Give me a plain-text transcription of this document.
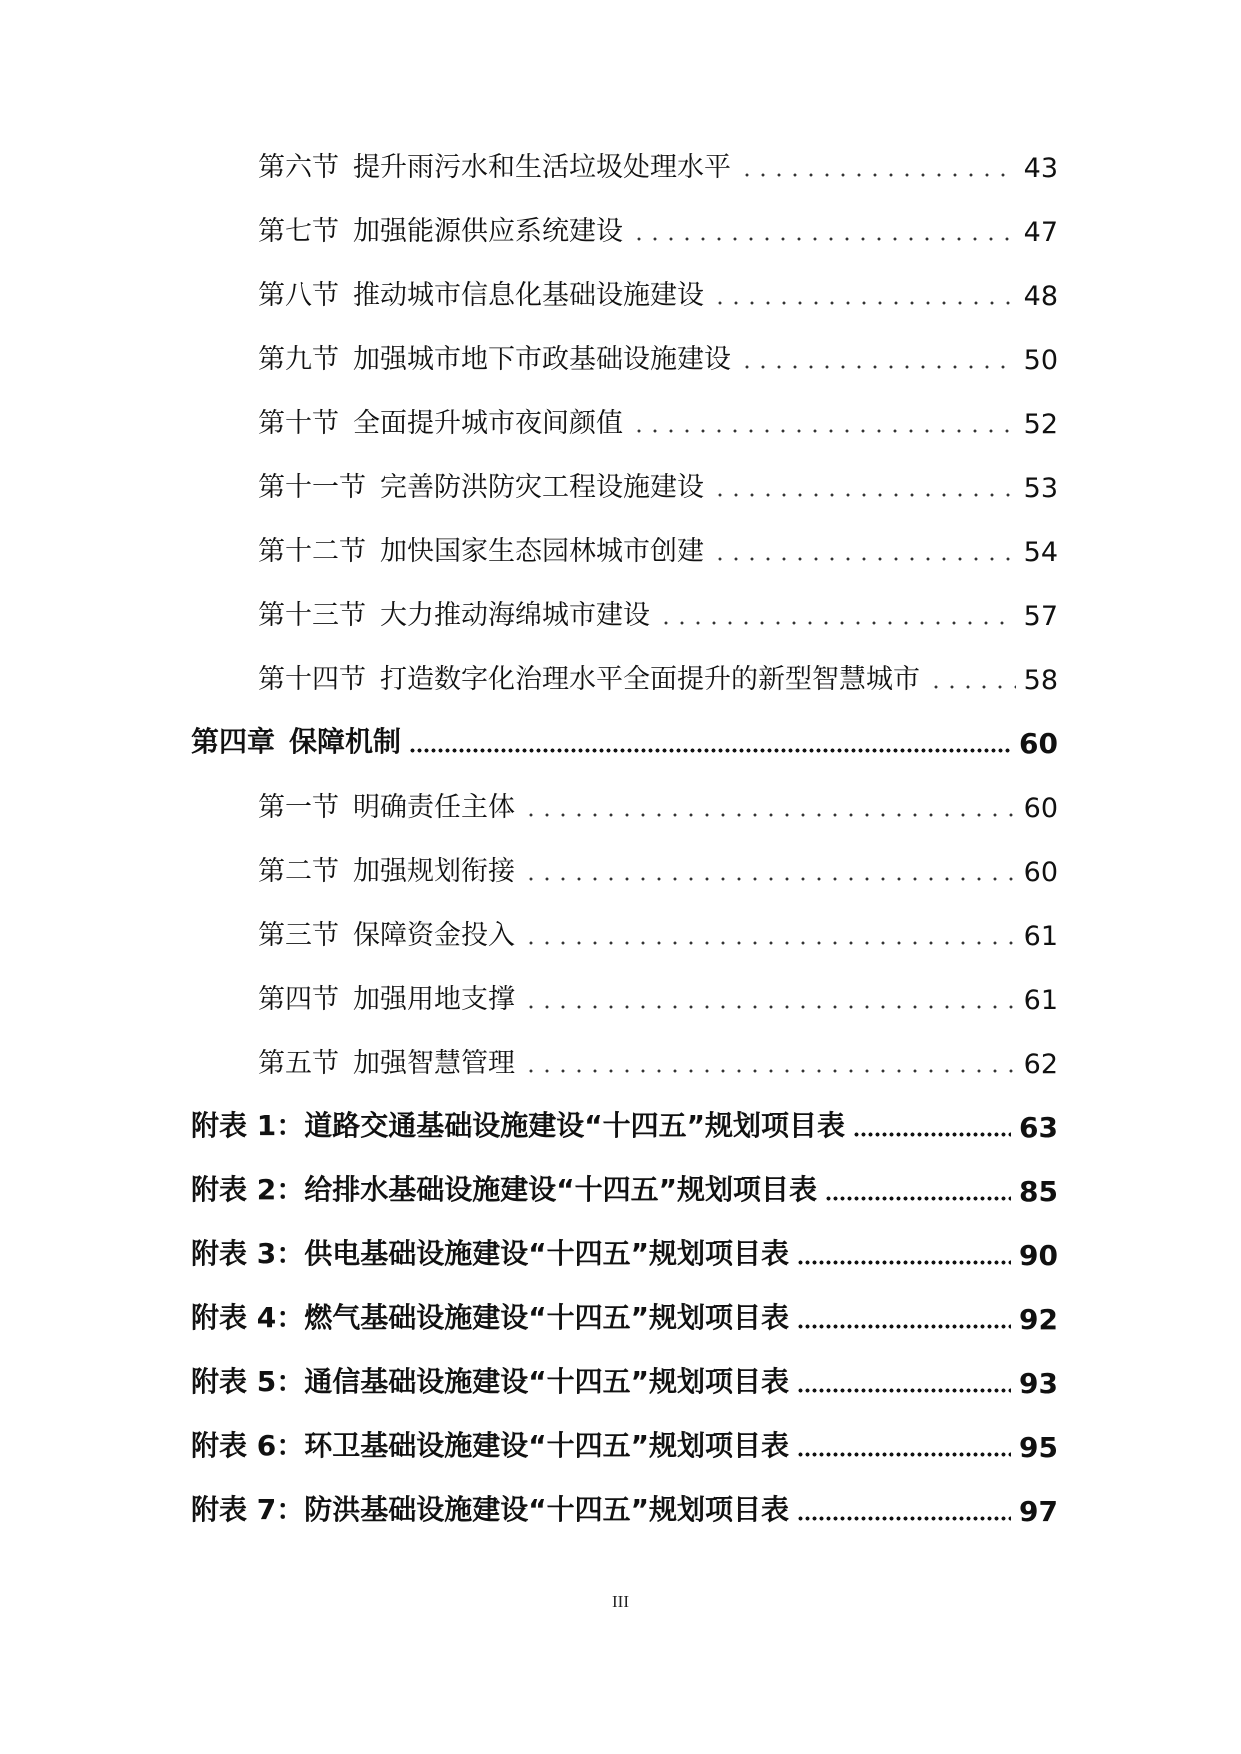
第六节 提升雨污水和生活垃圾处理水平	43
第七节 加强能源供应系统建设	47
第八节 推动城市信息化基础设施建设	48
第九节 加强城市地下市政基础设施建设	50
第十节 全面提升城市夜间颜值	52
第十一节 完善防洪防灾工程设施建设	53
第十二节 加快国家生态园林城市创建	54
第十三节 大力推动海绵城市建设	57
第十四节 打造数字化治理水平全面提升的新型智慧城市	58
第四章 保障机制	60
第一节 明确责任主体	60
第二节 加强规划衔接	60
第三节 保障资金投入	61
第四节 加强用地支撑	61
第五节 加强智慧管理	62
附表 1：道路交通基础设施建设“十四五”规划项目表	63
附表 2：给排水基础设施建设“十四五”规划项目表	85
附表 3：供电基础设施建设“十四五”规划项目表	90
附表 4：燃气基础设施建设“十四五”规划项目表	92
附表 5：通信基础设施建设“十四五”规划项目表	93
附表 6：环卫基础设施建设“十四五”规划项目表	95
附表 7：防洪基础设施建设“十四五”规划项目表	97
III
